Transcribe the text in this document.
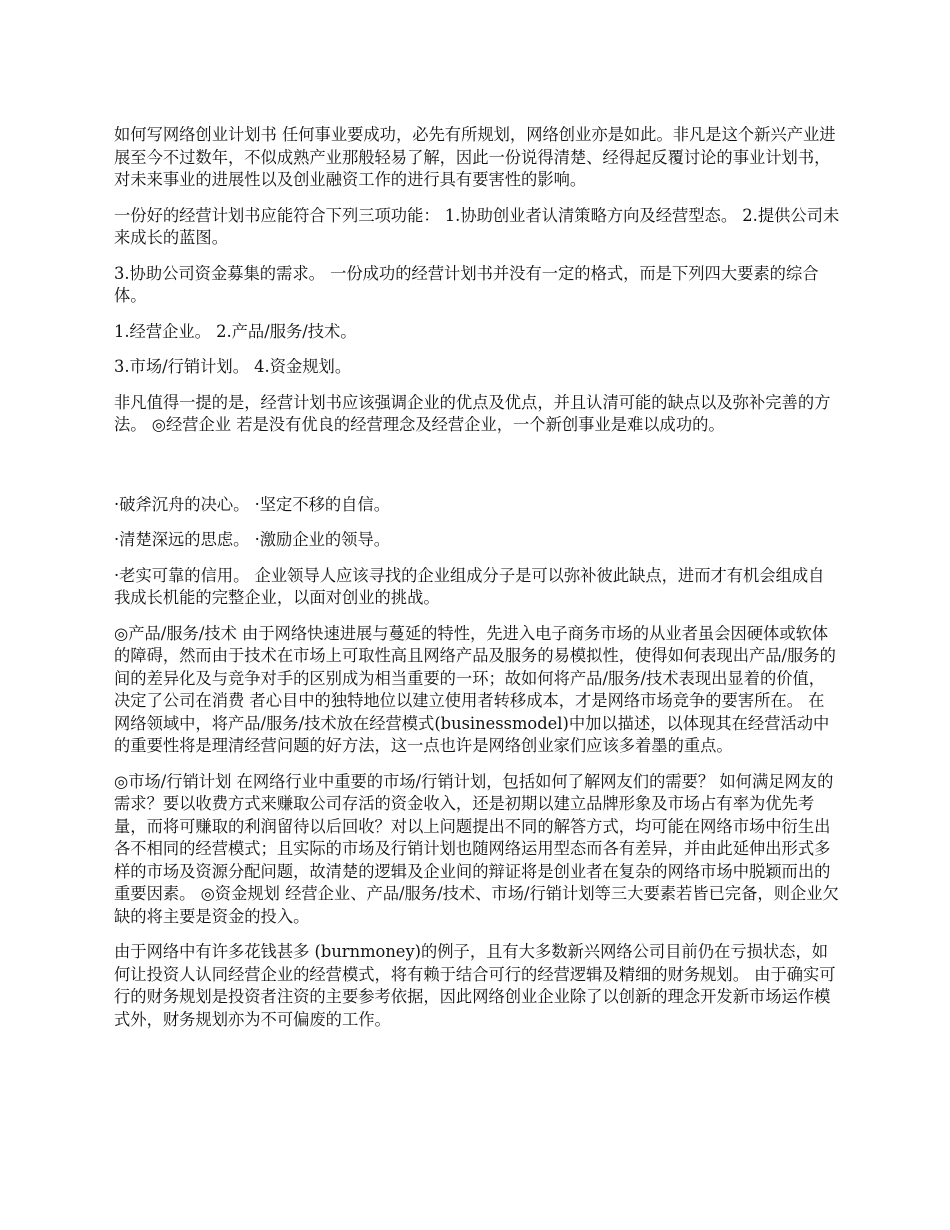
如何写网络创业计划书 任何事业要成功，必先有所规划，网络创业亦是如此。非凡是这个新兴产业进展至今不过数年，不似成熟产业那般轻易了解，因此一份说得清楚、经得起反覆讨论的事业计划书，对未来事业的进展性以及创业融资工作的进行具有要害性的影响。

一份好的经营计划书应能符合下列三项功能： 1.协助创业者认清策略方向及经营型态。 2.提供公司未来成长的蓝图。

3.协助公司资金募集的需求。 一份成功的经营计划书并没有一定的格式，而是下列四大要素的综合体。

1.经营企业。 2.产品/服务/技术。

3.市场/行销计划。 4.资金规划。

非凡值得一提的是，经营计划书应该强调企业的优点及优点，并且认清可能的缺点以及弥补完善的方法。 ◎经营企业 若是没有优良的经营理念及经营企业，一个新创事业是难以成功的。

·破斧沉舟的决心。 ·坚定不移的自信。

·清楚深远的思虑。 ·激励企业的领导。

·老实可靠的信用。 企业领导人应该寻找的企业组成分子是可以弥补彼此缺点，进而才有机会组成自我成长机能的完整企业，以面对创业的挑战。

◎产品/服务/技术 由于网络快速进展与蔓延的特性，先进入电子商务市场的从业者虽会因硬体或软体的障碍，然而由于技术在市场上可取性高且网络产品及服务的易模拟性，使得如何表现出产品/服务的间的差异化及与竞争对手的区别成为相当重要的一环；故如何将产品/服务/技术表现出显着的价值，决定了公司在消费 者心目中的独特地位以建立使用者转移成本，才是网络市场竞争的要害所在。 在网络领域中，将产品/服务/技术放在经营模式(businessmodel)中加以描述，以体现其在经营活动中的重要性将是理清经营问题的好方法，这一点也许是网络创业家们应该多着墨的重点。

◎市场/行销计划 在网络行业中重要的市场/行销计划，包括如何了解网友们的需要？ 如何满足网友的需求？要以收费方式来赚取公司存活的资金收入，还是初期以建立品牌形象及市场占有率为优先考量，而将可赚取的利润留待以后回收？对以上问题提出不同的解答方式，均可能在网络市场中衍生出各不相同的经营模式；且实际的市场及行销计划也随网络运用型态而各有差异，并由此延伸出形式多样的市场及资源分配问题，故清楚的逻辑及企业间的辩证将是创业者在复杂的网络市场中脱颖而出的重要因素。 ◎资金规划 经营企业、产品/服务/技术、市场/行销计划等三大要素若皆已完备，则企业欠缺的将主要是资金的投入。

由于网络中有许多花钱甚多 (burnmoney)的例子，且有大多数新兴网络公司目前仍在亏损状态，如何让投资人认同经营企业的经营模式，将有赖于结合可行的经营逻辑及精细的财务规划。 由于确实可行的财务规划是投资者注资的主要参考依据，因此网络创业企业除了以创新的理念开发新市场运作模式外，财务规划亦为不可偏废的工作。
